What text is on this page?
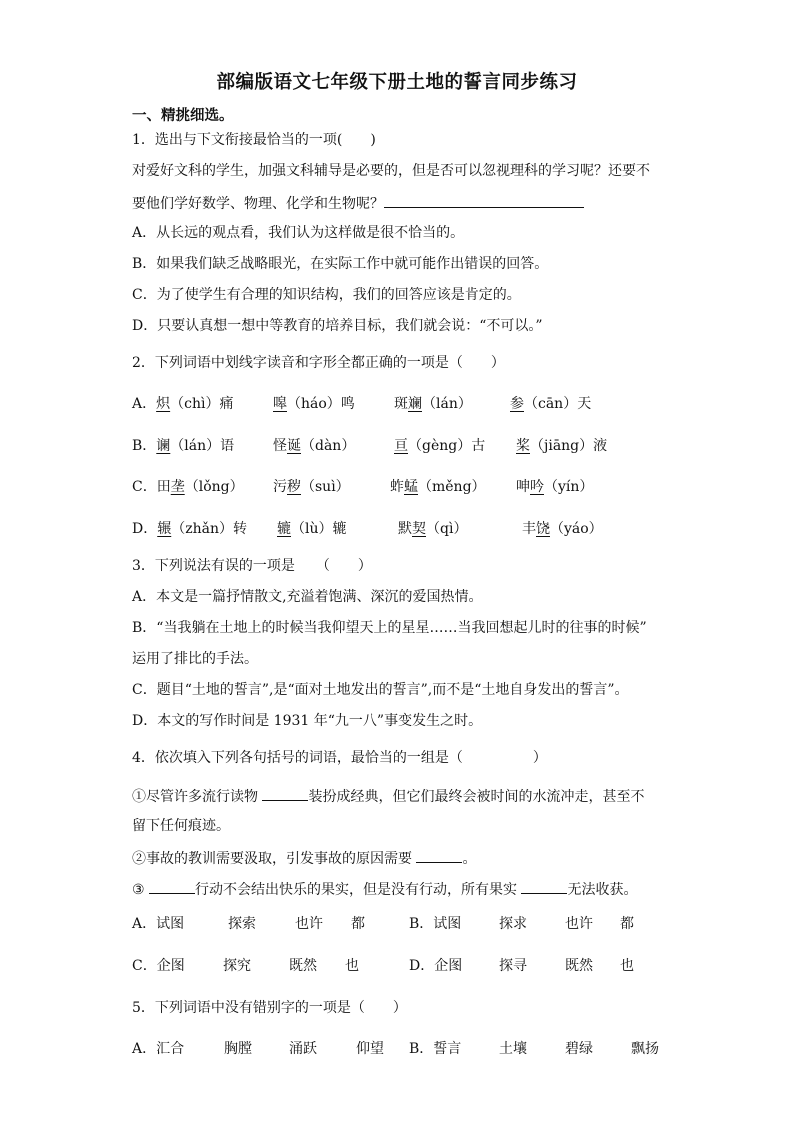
部编版语文七年级下册土地的誓言同步练习
一、精挑细选。
1．选出与下文衔接最恰当的一项(　　)
对爱好文科的学生，加强文科辅导是必要的，但是否可以忽视理科的学习呢？还要不
要他们学好数学、物理、化学和生物呢？
A．从长远的观点看，我们认为这样做是很不恰当的。
B．如果我们缺乏战略眼光，在实际工作中就可能作出错误的回答。
C．为了使学生有合理的知识结构，我们的回答应该是肯定的。
D．只要认真想一想中等教育的培养目标，我们就会说：“不可以。”
2．下列词语中划线字读音和字形全都正确的一项是（　　）
A．炽（chì）痛	嗥（háo）鸣	斑斓（lán）	参（cān）天
B．谰（lán）语	怪诞（dàn）	亘（gèng）古 桨（jiāng）液
C．田垄（lǒng） 污秽（suì）	蚱蜢（měng） 呻吟（yín）
D．辗（zhǎn）转 辘（lù）辘	默契（qì）	丰饶（yáo）
3．下列说法有误的一项是　　（　　）
A．本文是一篇抒情散文,充溢着饱满、深沉的爱国热情。
B．“当我躺在土地上的时候当我仰望天上的星星……当我回想起儿时的往事的时候”
运用了排比的手法。
C．题目“土地的誓言”,是“面对土地发出的誓言”,而不是“土地自身发出的誓言”。
D．本文的写作时间是 1931 年“九一八”事变发生之时。
4．依次填入下列各句括号的词语，最恰当的一组是（　　　　　）
①尽管许多流行读物	装扮成经典，但它们最终会被时间的水流冲走，甚至不
留下任何痕迹。
②事故的教训需要汲取，引发事故的原因需要	。
③	行动不会结出快乐的果实，但是没有行动，所有果实	无法收获。
A．试图	探索	也许 都	B．试图	探求	也许 都
C．企图	探究	既然 也	D．企图	探寻	既然 也
5．下列词语中没有错别字的一项是（　　）
A．汇合	胸膛	涌跃	仰望 B．誓言	土壤	碧绿	飘扬
